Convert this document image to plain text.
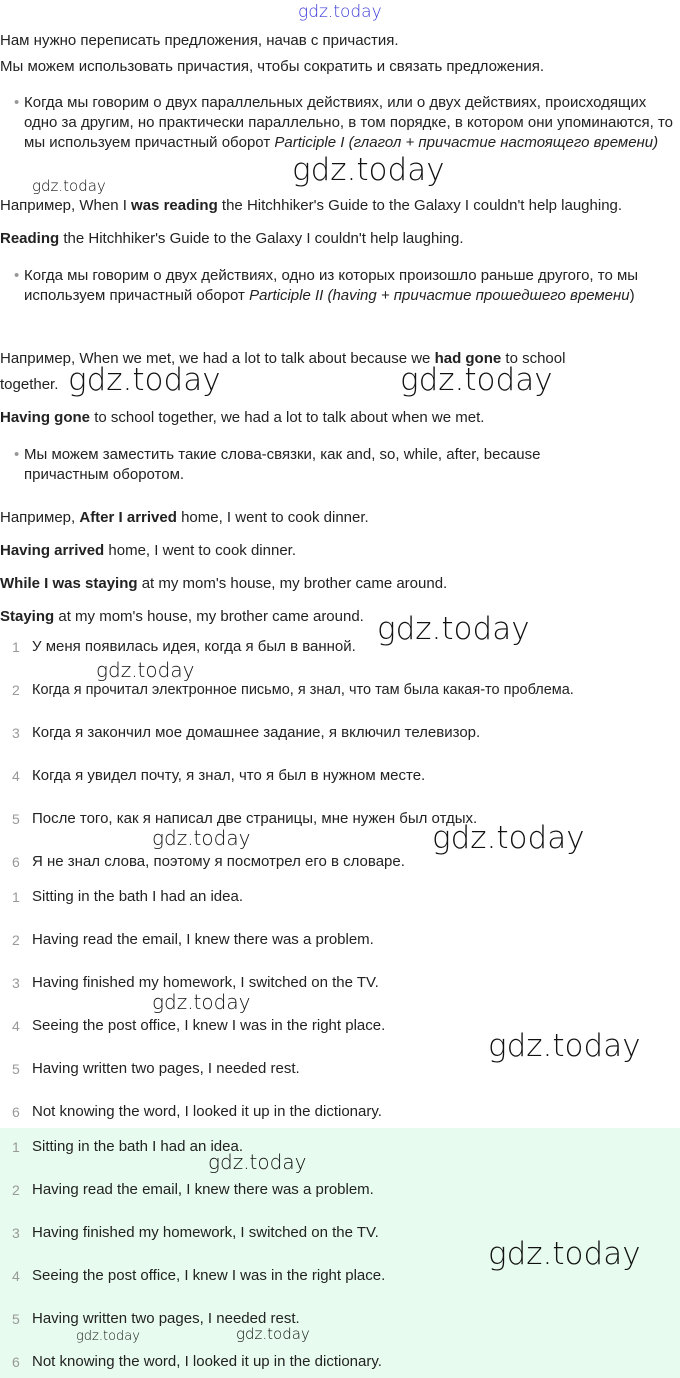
gdz.today
gdz.today	gdz.today
gdz.today	gdz.today
gdz.today
gdz.today
gdz.today	gdz.today
gdz.today
gdz.today
gdz.today
gdz.today
gdz.today	gdz.today
Нам нужно переписать предложения, начав с причастия.
Мы можем использовать причастия, чтобы сократить и связать предложения.
• Когда мы говорим о двух параллельных действиях, или о двух действиях, происходящих одно за другим, но практически параллельно, в том порядке, в котором они упоминаются, то мы используем причастный оборот Participle I (глагол + причастие настоящего времени)
Например, When I was reading the Hitchhiker's Guide to the Galaxy I couldn't help laughing.
Reading the Hitchhiker's Guide to the Galaxy I couldn't help laughing.
• Когда мы говорим о двух действиях, одно из которых произошло раньше другого, то мы используем причастный оборот Participle II (having + причастие прошедшего времени)
Например, When we met, we had a lot to talk about because we had gone to school
together.
Having gone to school together, we had a lot to talk about when we met.
• Мы можем заместить такие слова-связки, как and, so, while, after, because причастным оборотом.
Например, After I arrived home, I went to cook dinner.
Having arrived home, I went to cook dinner.
While I was staying at my mom's house, my brother came around.
Staying at my mom's house, my brother came around.
1 У меня появилась идея, когда я был в ванной.
2 Когда я прочитал электронное письмо, я знал, что там была какая-то проблема.
3 Когда я закончил мое домашнее задание, я включил телевизор.
4 Когда я увидел почту, я знал, что я был в нужном месте.
5 После того, как я написал две страницы, мне нужен был отдых.
6 Я не знал слова, поэтому я посмотрел его в словаре.
1 Sitting in the bath I had an idea.
2 Having read the email, I knew there was a problem.
3 Having finished my homework, I switched on the TV.
4 Seeing the post office, I knew I was in the right place.
5 Having written two pages, I needed rest.
6 Not knowing the word, I looked it up in the dictionary.
1 Sitting in the bath I had an idea.
2 Having read the email, I knew there was a problem.
3 Having finished my homework, I switched on the TV.
4 Seeing the post office, I knew I was in the right place.
5 Having written two pages, I needed rest.
6 Not knowing the word, I looked it up in the dictionary.
